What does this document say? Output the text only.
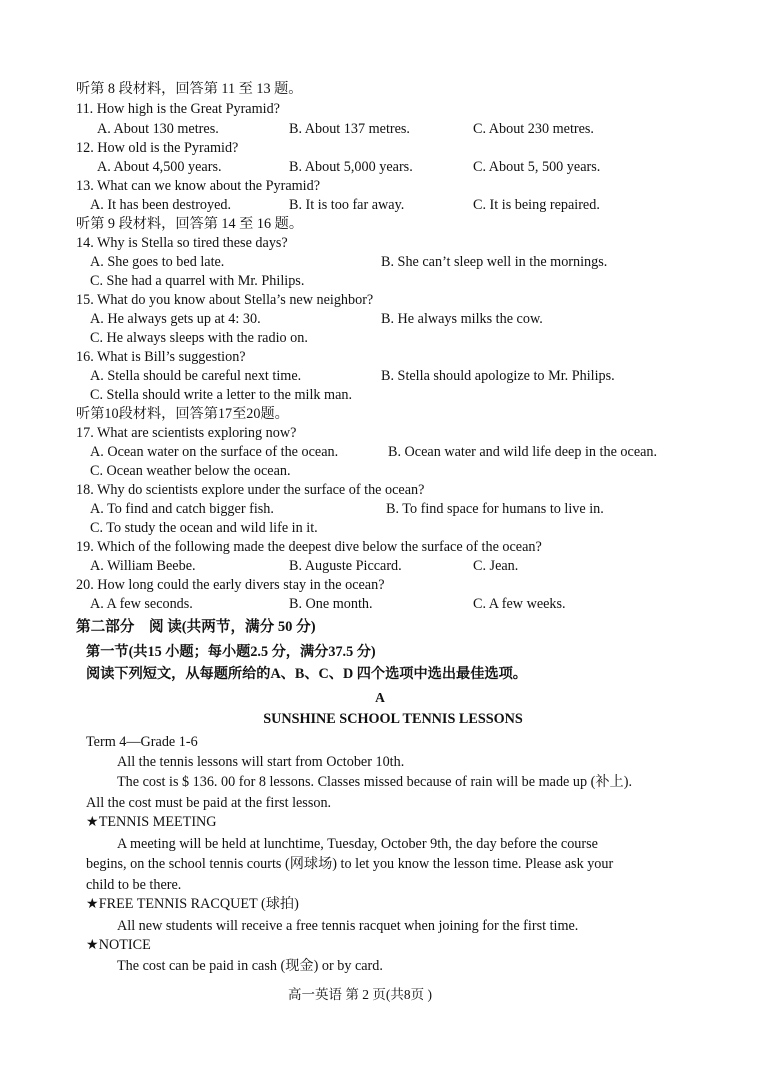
听第 8 段材料，回答第 11 至 13 题。
11. How high is the Great Pyramid?
A. About 130 metres.	B. About 137 metres.	C. About 230 metres.
12. How old is the Pyramid?
A. About 4,500 years.	B. About 5,000 years.	C. About 5, 500 years.
13. What can we know about the Pyramid?
A. It has been destroyed.	B. It is too far away.	C. It is being repaired.
听第 9 段材料，回答第 14 至 16 题。
14. Why is Stella so tired these days?
A. She goes to bed late.	B. She can’t sleep well in the mornings.
C. She had a quarrel with Mr. Philips.
15. What do you know about Stella’s new neighbor?
A. He always gets up at 4: 30.	B. He always milks the cow.
C. He always sleeps with the radio on.
16. What is Bill’s suggestion?
A. Stella should be careful next time.	B. Stella should apologize to Mr. Philips.
C. Stella should write a letter to the milk man.
听第10段材料，回答第17至20题。
17. What are scientists exploring now?
A. Ocean water on the surface of the ocean.	B. Ocean water and wild life deep in the ocean.
C. Ocean weather below the ocean.
18. Why do scientists explore under the surface of the ocean?
A. To find and catch bigger fish.	B. To find space for humans to live in.
C. To study the ocean and wild life in it.
19. Which of the following made the deepest dive below the surface of the ocean?
A. William Beebe.	B. Auguste Piccard.	C. Jean.
20. How long could the early divers stay in the ocean?
A. A few seconds.	B. One month.	C. A few weeks.
第二部分　阅 读(共两节，满分 50 分)
第一节(共15 小题；每小题2.5 分，满分37.5 分)
阅读下列短文，从每题所给的A、B、C、D 四个选项中选出最佳选项。
A
SUNSHINE SCHOOL TENNIS LESSONS
Term 4—Grade 1-6
All the tennis lessons will start from October 10th.
The cost is $ 136. 00 for 8 lessons. Classes missed because of rain will be made up (补上).
All the cost must be paid at the first lesson.
★TENNIS MEETING
A meeting will be held at lunchtime, Tuesday, October 9th, the day before the course
begins, on the school tennis courts (网球场) to let you know the lesson time. Please ask your
child to be there.
★FREE TENNIS RACQUET (球拍)
All new students will receive a free tennis racquet when joining for the first time.
★NOTICE
The cost can be paid in cash (现金) or by card.
高一英语 第 2 页(共8页 )
